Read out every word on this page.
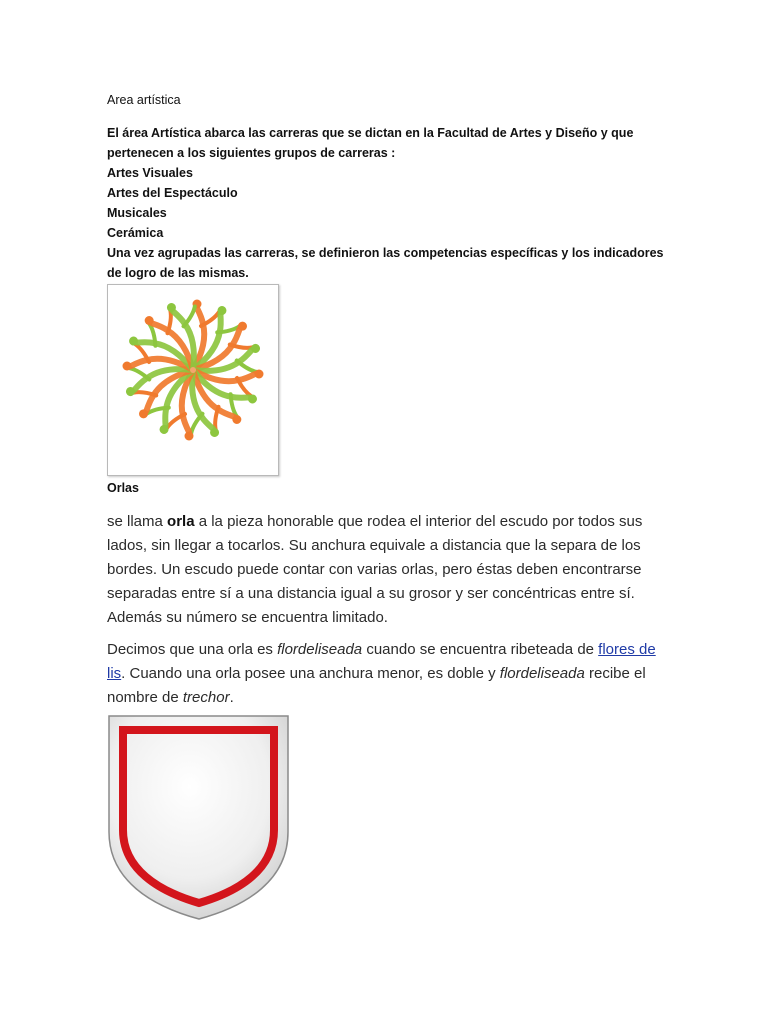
Area artística

El área Artística abarca las carreras que se dictan en la Facultad de Artes y Diseño y que pertenecen a los siguientes grupos de carreras :

Artes Visuales

Artes del Espectáculo

Musicales

Cerámica

Una vez agrupadas las carreras, se definieron las competencias específicas y los indicadores de logro de las mismas.

Orlas

se llama orla a la pieza honorable que rodea el interior del escudo por todos sus lados, sin llegar a tocarlos. Su anchura equivale a distancia que la separa de los bordes. Un escudo puede contar con varias orlas, pero éstas deben encontrarse separadas entre sí a una distancia igual a su grosor y ser concéntricas entre sí. Además su número se encuentra limitado.

Decimos que una orla es flordeliseada cuando se encuentra ribeteada de flores de lis. Cuando una orla posee una anchura menor, es doble y flordeliseada recibe el nombre de trechor.
